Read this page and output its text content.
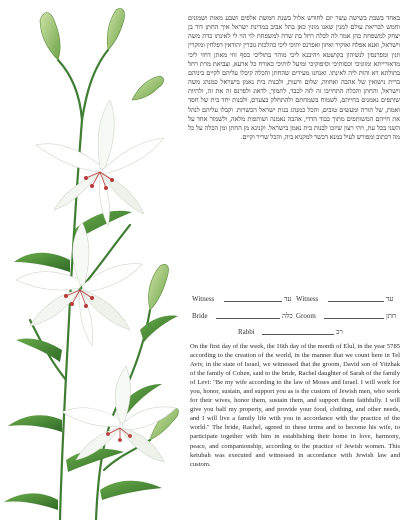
באחד בשבת בשישה עשר יום לחודש אלול בשנת חמשת אלפים ושבע מאות ושמונים וחמש לבריאת עולם למנין שאנו מונין כאן בתל אביב במדינת ישראל איך החתן דוד בן יצחק למשפחת כהן אמר לה לכלה רחל בת שרה למשפחת לוי הוי לי לאינתו כדת משה וישראל, ואנא אפלח ואוקיר ואיזון ואפרנס יתיכי ליכי כהלכות גוברין יהודאין דפלחין ומוקרין וזנין ומפרנסין לנשיהון בקושטא ויהיבנא ליכי מוהר בתוליכי כסף זוזי מאתן דחזי ליכי מדאורייתא ומזוניכי וכסותיכי וסיפוקיכי ומיעל לותיכי כאורח כל ארעא, וצביאת מרת רחל בתולתא דא והות ליה לאינתו. ואנחנו מעידים שהחתן והכלה קיבלו עליהם לקיים ביניהם ברית נישואין של אהבה ואחווה, שלום ורעות, ולבנות בית נאמן בישראל כמנהג משה וישראל, והחתן והכלה התחייבו זה לזה לכבד, לתמוך, לדאוג ולפרנס זה את זה, ולהיות שותפים נאמנים בחייהם, לשמוח בשמחתם ולהתחלק בצערם, ולבנות יחד בית של חסד ואמת, של תורה ומעשים טובים, והכל כמנהג בנות ישראל הכשרות. וקבלו עליהם לנהל את חייהם המשותפים מתוך כבוד הדדי, אהבה נאמנה ושותפות מלאה, ולשמור אחד על השני בכל עת, ויהי רצון שיזכו לבנות בית נאמן בישראל. וקנינא מן החתן ומן הכלה על כל מה דכתוב ומפורש לעיל במנא דכשר למקניא ביה, והכל שריר וקיים.
Witness	עד Witness	עד
Bride	כלה Groom	חתן
Rabbi	רב

On the first day of the week, the 16th day of the month of Elul, in the year 5785 according to the creation of the world, in the manner that we count here in Tel Aviv, in the state of Israel, we witnessed that the groom, David son of Yitzhak of the family of Cohen, said to the bride, Rachel daughter of Sarah of the family of Levi: "Be my wife according to the law of Moses and Israel. I will work for you, honor, sustain, and support you as is the custom of Jewish men, who work for their wives, honor them, sustain them, and support them faithfully. I will give you half my property, and provide your food, clothing, and other needs, and I will live a family life with you in accordance with the practice of the world." The bride, Rachel, agreed to these terms and to become his wife, to participate together with him in establishing their home in love, harmony, peace, and companionship, according to the practice of Jewish women. This ketubah was executed and witnessed in accordance with Jewish law and custom.
